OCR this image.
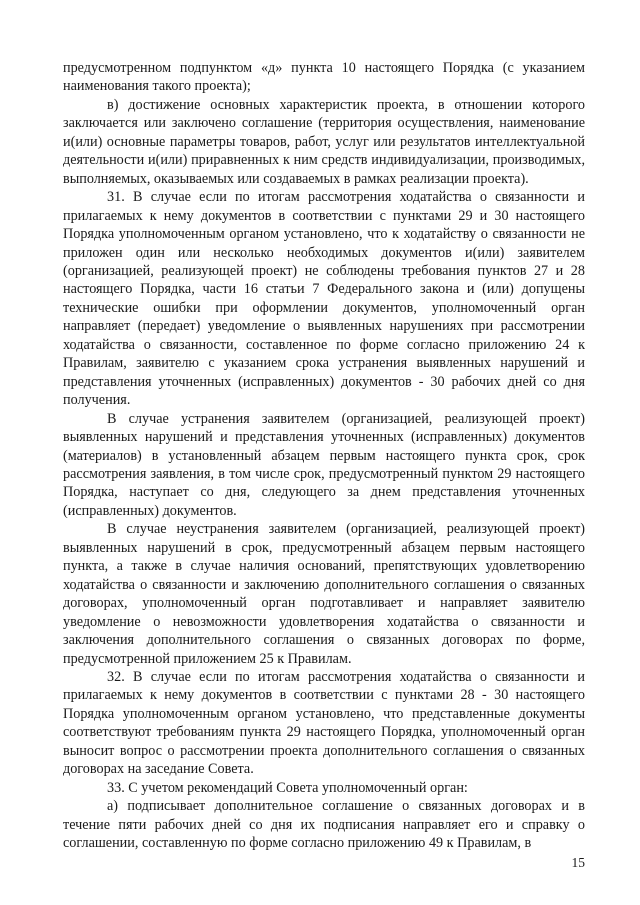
предусмотренном подпунктом «д» пункта 10 настоящего Порядка (с указанием наименования такого проекта);

в) достижение основных характеристик проекта, в отношении которого заключается или заключено соглашение (территория осуществления, наименование и(или) основные параметры товаров, работ, услуг или результатов интеллектуальной деятельности и(или) приравненных к ним средств индивидуализации, производимых, выполняемых, оказываемых или создаваемых в рамках реализации проекта).

31. В случае если по итогам рассмотрения ходатайства о связанности и прилагаемых к нему документов в соответствии с пунктами 29 и 30 настоящего Порядка уполномоченным органом установлено, что к ходатайству о связанности не приложен один или несколько необходимых документов и(или) заявителем (организацией, реализующей проект) не соблюдены требования пунктов 27 и 28 настоящего Порядка, части 16 статьи 7 Федерального закона и (или) допущены технические ошибки при оформлении документов, уполномоченный орган направляет (передает) уведомление о выявленных нарушениях при рассмотрении ходатайства о связанности, составленное по форме согласно приложению 24 к Правилам, заявителю с указанием срока устранения выявленных нарушений и представления уточненных (исправленных) документов - 30 рабочих дней со дня получения.

В случае устранения заявителем (организацией, реализующей проект) выявленных нарушений и представления уточненных (исправленных) документов (материалов) в установленный абзацем первым настоящего пункта срок, срок рассмотрения заявления, в том числе срок, предусмотренный пунктом 29 настоящего Порядка, наступает со дня, следующего за днем представления уточненных (исправленных) документов.

В случае неустранения заявителем (организацией, реализующей проект) выявленных нарушений в срок, предусмотренный абзацем первым настоящего пункта, а также в случае наличия оснований, препятствующих удовлетворению ходатайства о связанности и заключению дополнительного соглашения о связанных договорах, уполномоченный орган подготавливает и направляет заявителю уведомление о невозможности удовлетворения ходатайства о связанности и заключения дополнительного соглашения о связанных договорах по форме, предусмотренной приложением 25 к Правилам.

32. В случае если по итогам рассмотрения ходатайства о связанности и прилагаемых к нему документов в соответствии с пунктами 28 - 30 настоящего Порядка уполномоченным органом установлено, что представленные документы соответствуют требованиям пункта 29 настоящего Порядка, уполномоченный орган выносит вопрос о рассмотрении проекта дополнительного соглашения о связанных договорах на заседание Совета.

33. С учетом рекомендаций Совета уполномоченный орган:

а) подписывает дополнительное соглашение о связанных договорах и в течение пяти рабочих дней со дня их подписания направляет его и справку о соглашении, составленную по форме согласно приложению 49 к Правилам, в

15
